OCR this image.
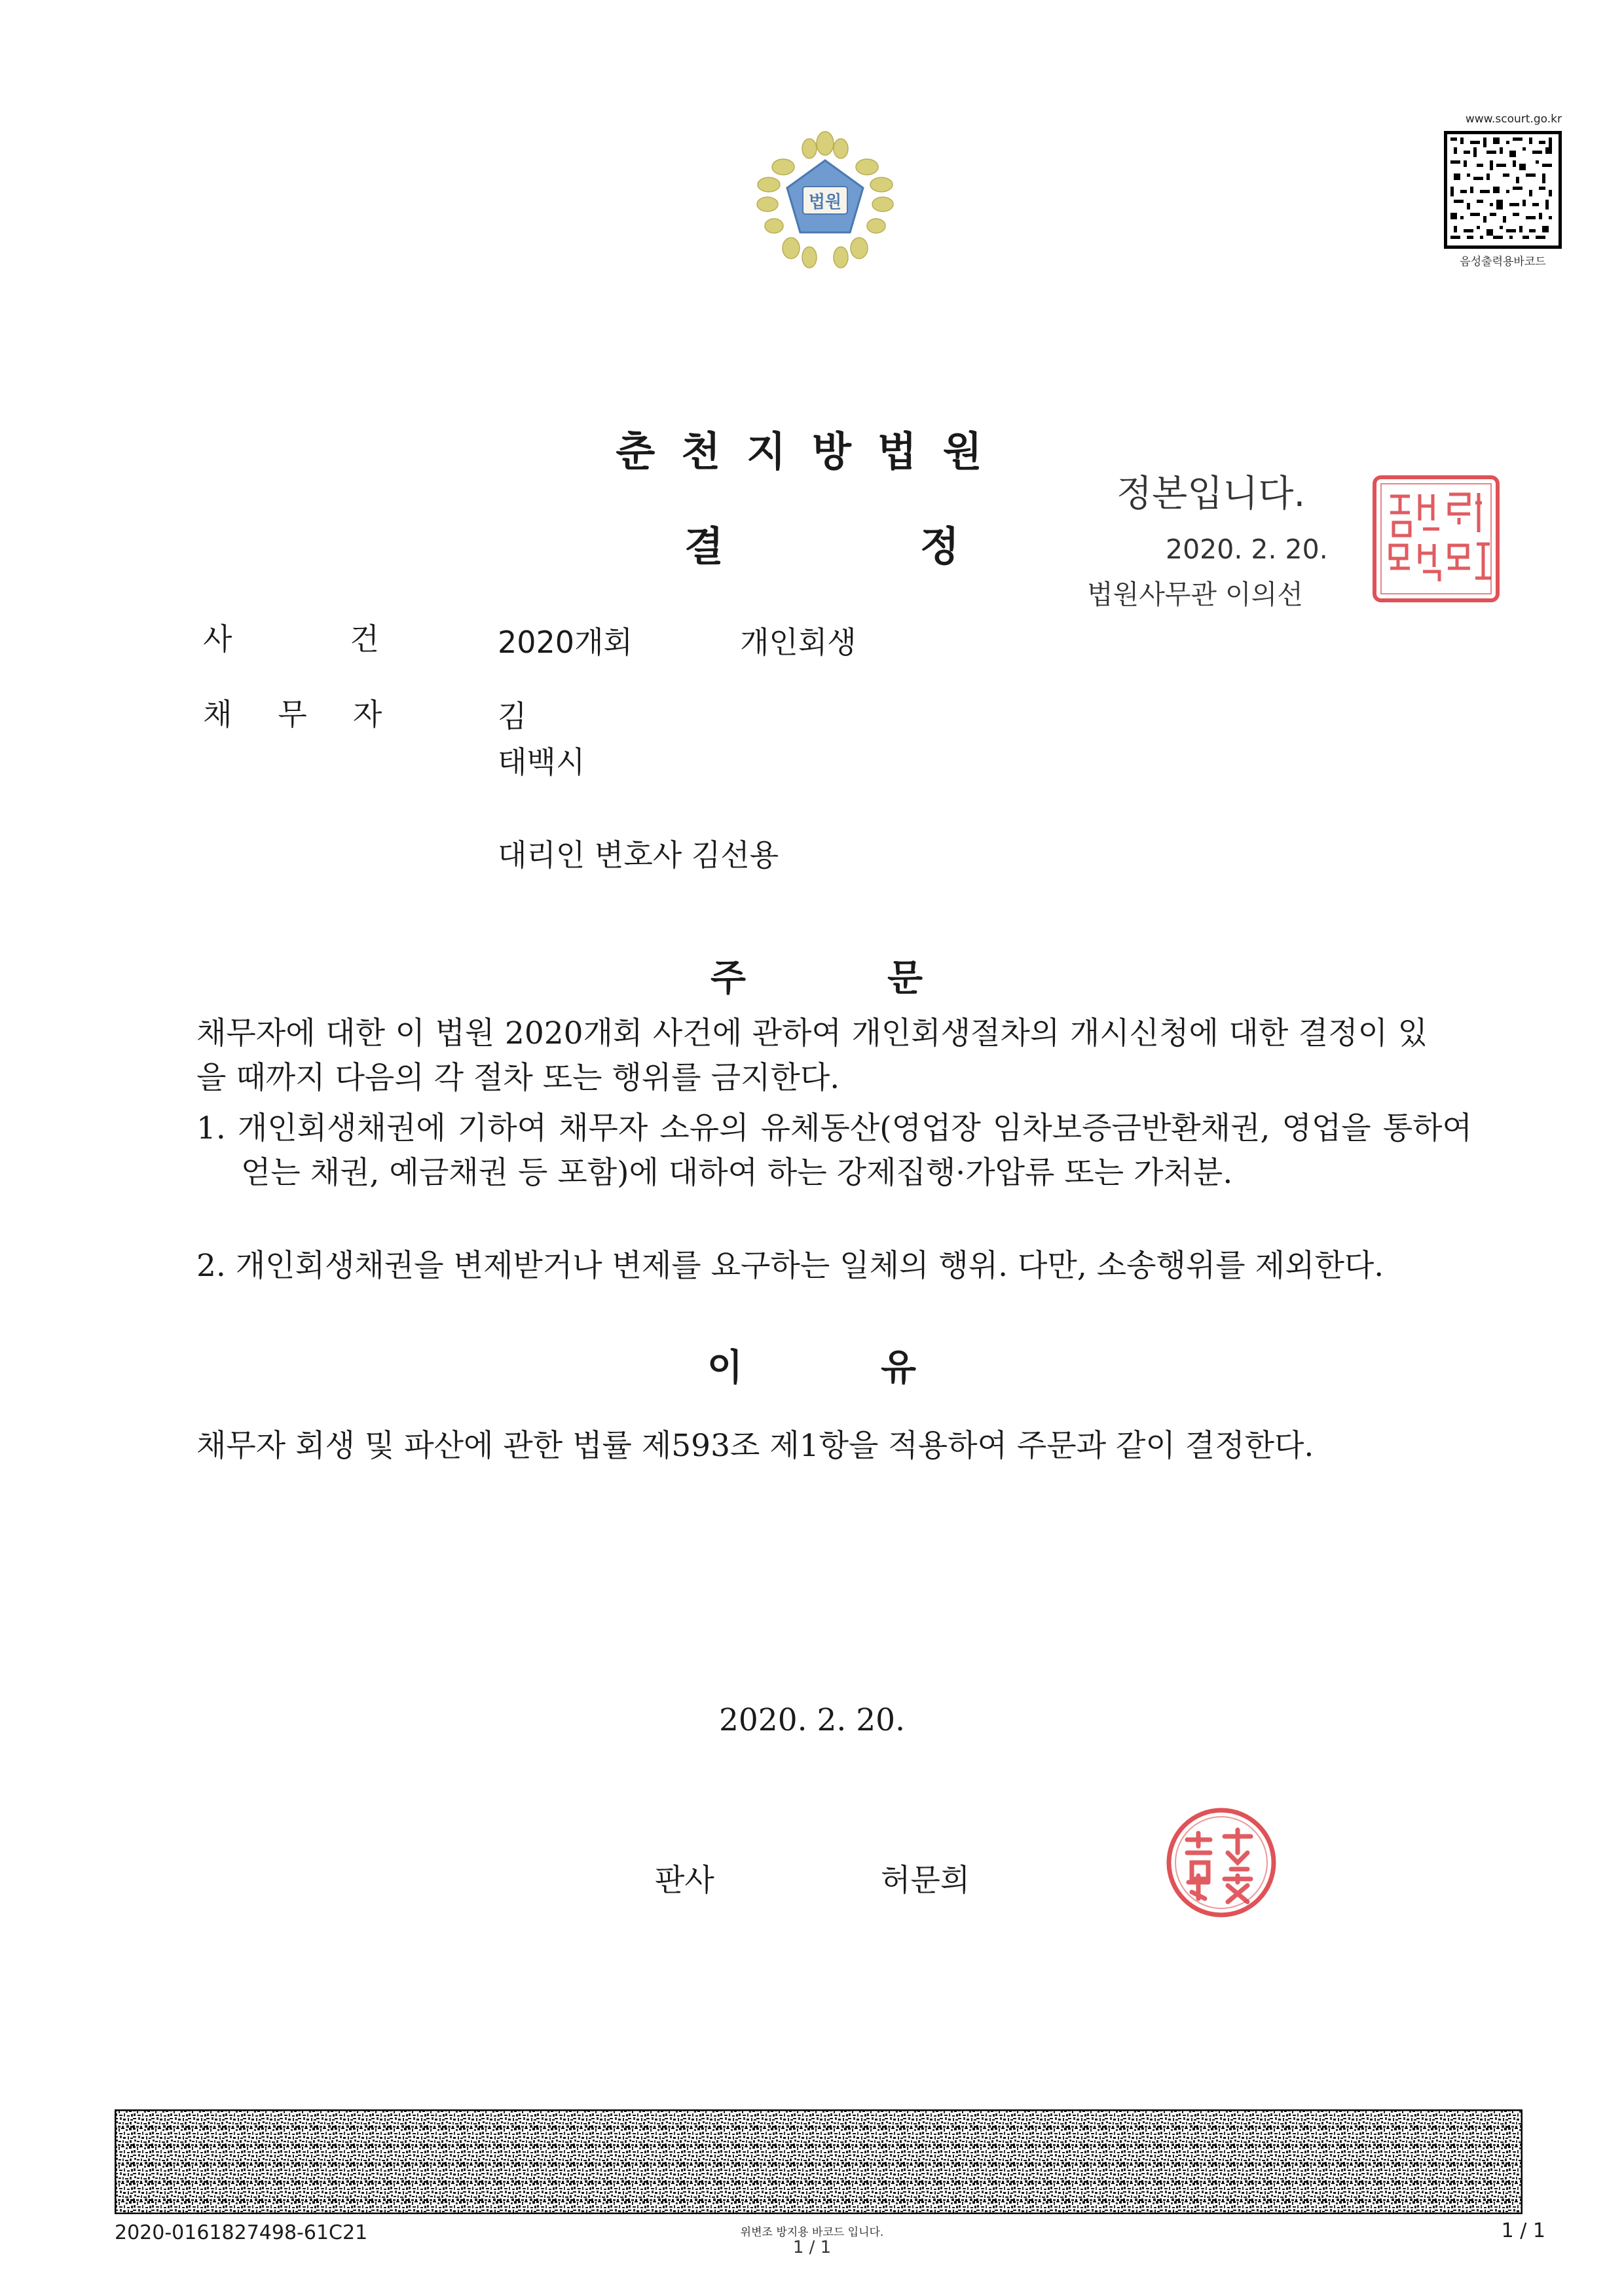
법원
www.scourt.go.kr
음성출력용바코드
춘천지방법원
결	정
정본입니다.
2020. 2. 20.
법원사무관 이의선
사건 2020개회	개인회생
채무자 김
태백시
대리인 변호사 김선용
주	문
채무자에 대한 이 법원 2020개회 사건에 관하여 개인회생절차의 개시신청에 대한 결정이 있을 때까지 다음의 각 절차 또는 행위를 금지한다.
1. 개인회생채권에 기하여 채무자 소유의 유체동산(영업장 임차보증금반환채권, 영업을 통하여 얻는 채권, 예금채권 등 포함)에 대하여 하는 강제집행·가압류 또는 가처분.
2. 개인회생채권을 변제받거나 변제를 요구하는 일체의 행위. 다만, 소송행위를 제외한다.
이	유
채무자 회생 및 파산에 관한 법률 제593조 제1항을 적용하여 주문과 같이 결정한다.
2020. 2. 20.
판사	허문희
2020-0161827498-61C21	위변조 방지용 바코드 입니다.
1 / 1
1 / 1
